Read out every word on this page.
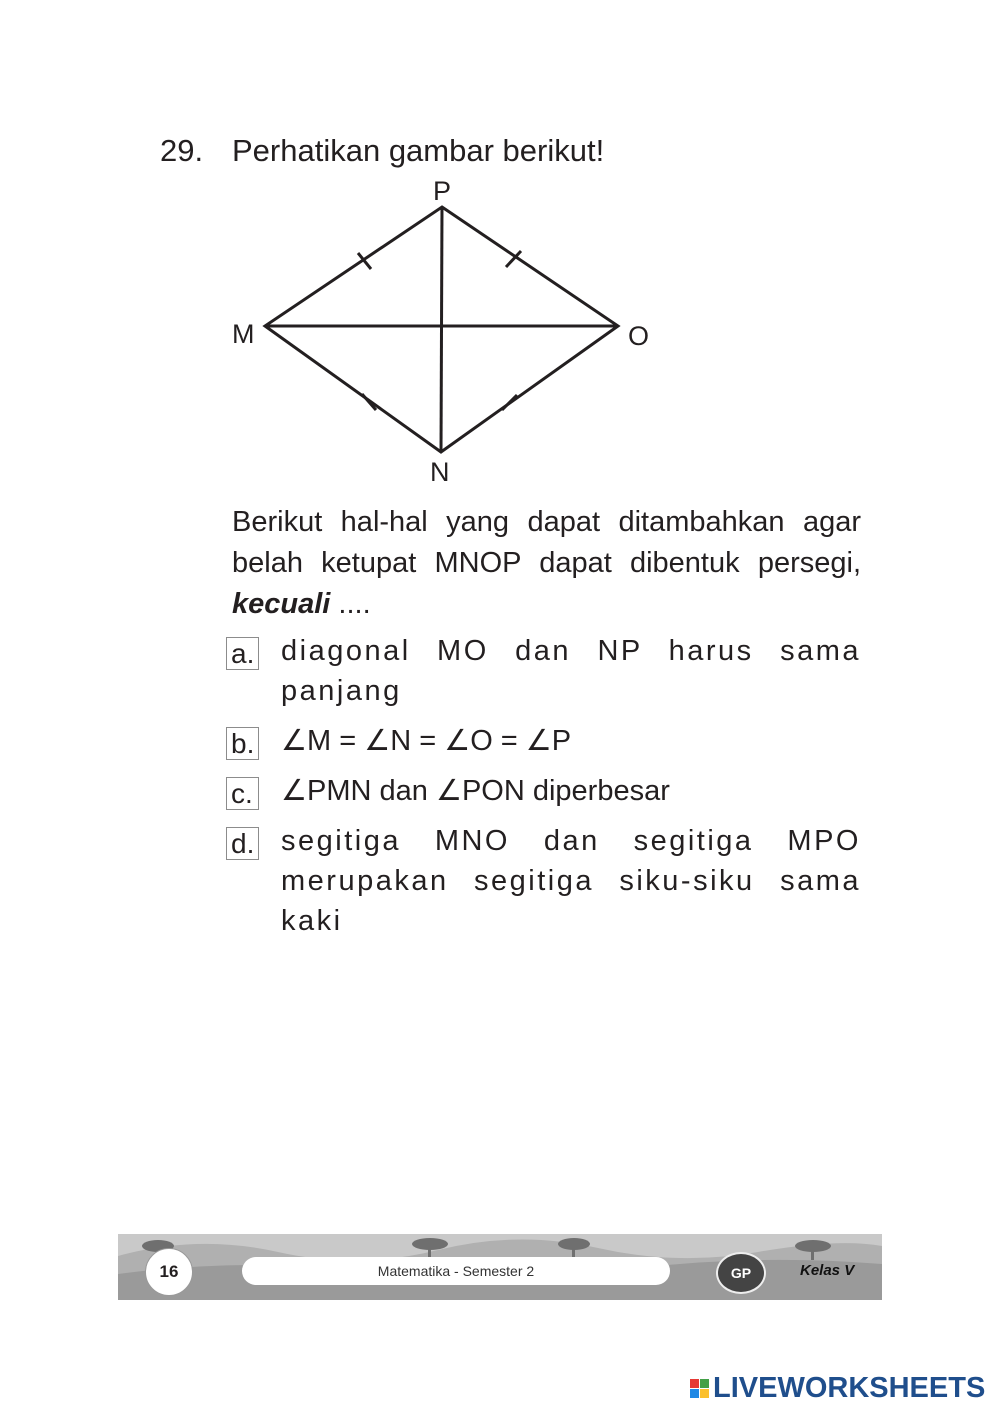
29. Perhatikan gambar berikut!
P
M	O
N
Berikut hal-hal yang dapat ditambahkan agar belah ketupat MNOP dapat dibentuk persegi, kecuali ....
a. diagonal MO dan NP harus sama panjang
b. ∠M = ∠N = ∠O = ∠P
c. ∠PMN dan ∠PON diperbesar
d. segitiga MNO dan segitiga MPO merupakan segitiga siku-siku sama kaki
16	Matematika - Semester 2	GP	Kelas V
LIVEWORKSHEETS
